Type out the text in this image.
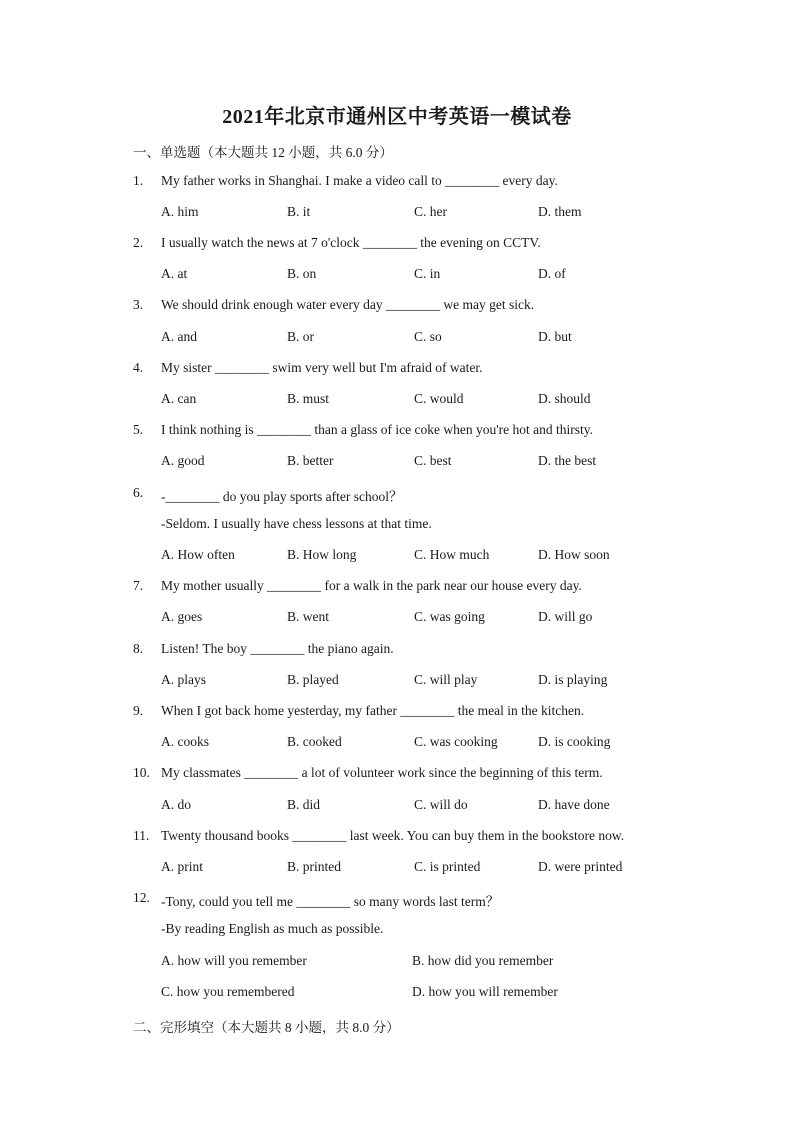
2021年北京市通州区中考英语一模试卷
一、单选题（本大题共 12 小题，共 6.0 分）
1.	My father works in Shanghai. I make a video call to ________ every day.
A. him	B. it	C. her	D. them
2.	I usually watch the news at 7 o'clock ________ the evening on CCTV.
A. at	B. on	C. in	D. of
3.	We should drink enough water every day ________ we may get sick.
A. and	B. or	C. so	D. but
4.	My sister ________ swim very well but I'm afraid of water.
A. can	B. must	C. would	D. should
5.	I think nothing is ________ than a glass of ice coke when you're hot and thirsty.
A. good	B. better	C. best	D. the best
6.	-________ do you play sports after school？
-Seldom. I usually have chess lessons at that time.
A. How often	B. How long	C. How much	D. How soon
7.	My mother usually ________ for a walk in the park near our house every day.
A. goes	B. went	C. was going	D. will go
8.	Listen! The boy ________ the piano again.
A. plays	B. played	C. will play	D. is playing
9.	When I got back home yesterday, my father ________ the meal in the kitchen.
A. cooks	B. cooked	C. was cooking	D. is cooking
10. My classmates ________ a lot of volunteer work since the beginning of this term.
A. do	B. did	C. will do	D. have done
11. Twenty thousand books ________ last week. You can buy them in the bookstore now.
A. print	B. printed	C. is printed	D. were printed
12. -Tony, could you tell me ________ so many words last term？
-By reading English as much as possible.
A. how will you remember	B. how did you remember
C. how you remembered	D. how you will remember
二、完形填空（本大题共 8 小题，共 8.0 分）
